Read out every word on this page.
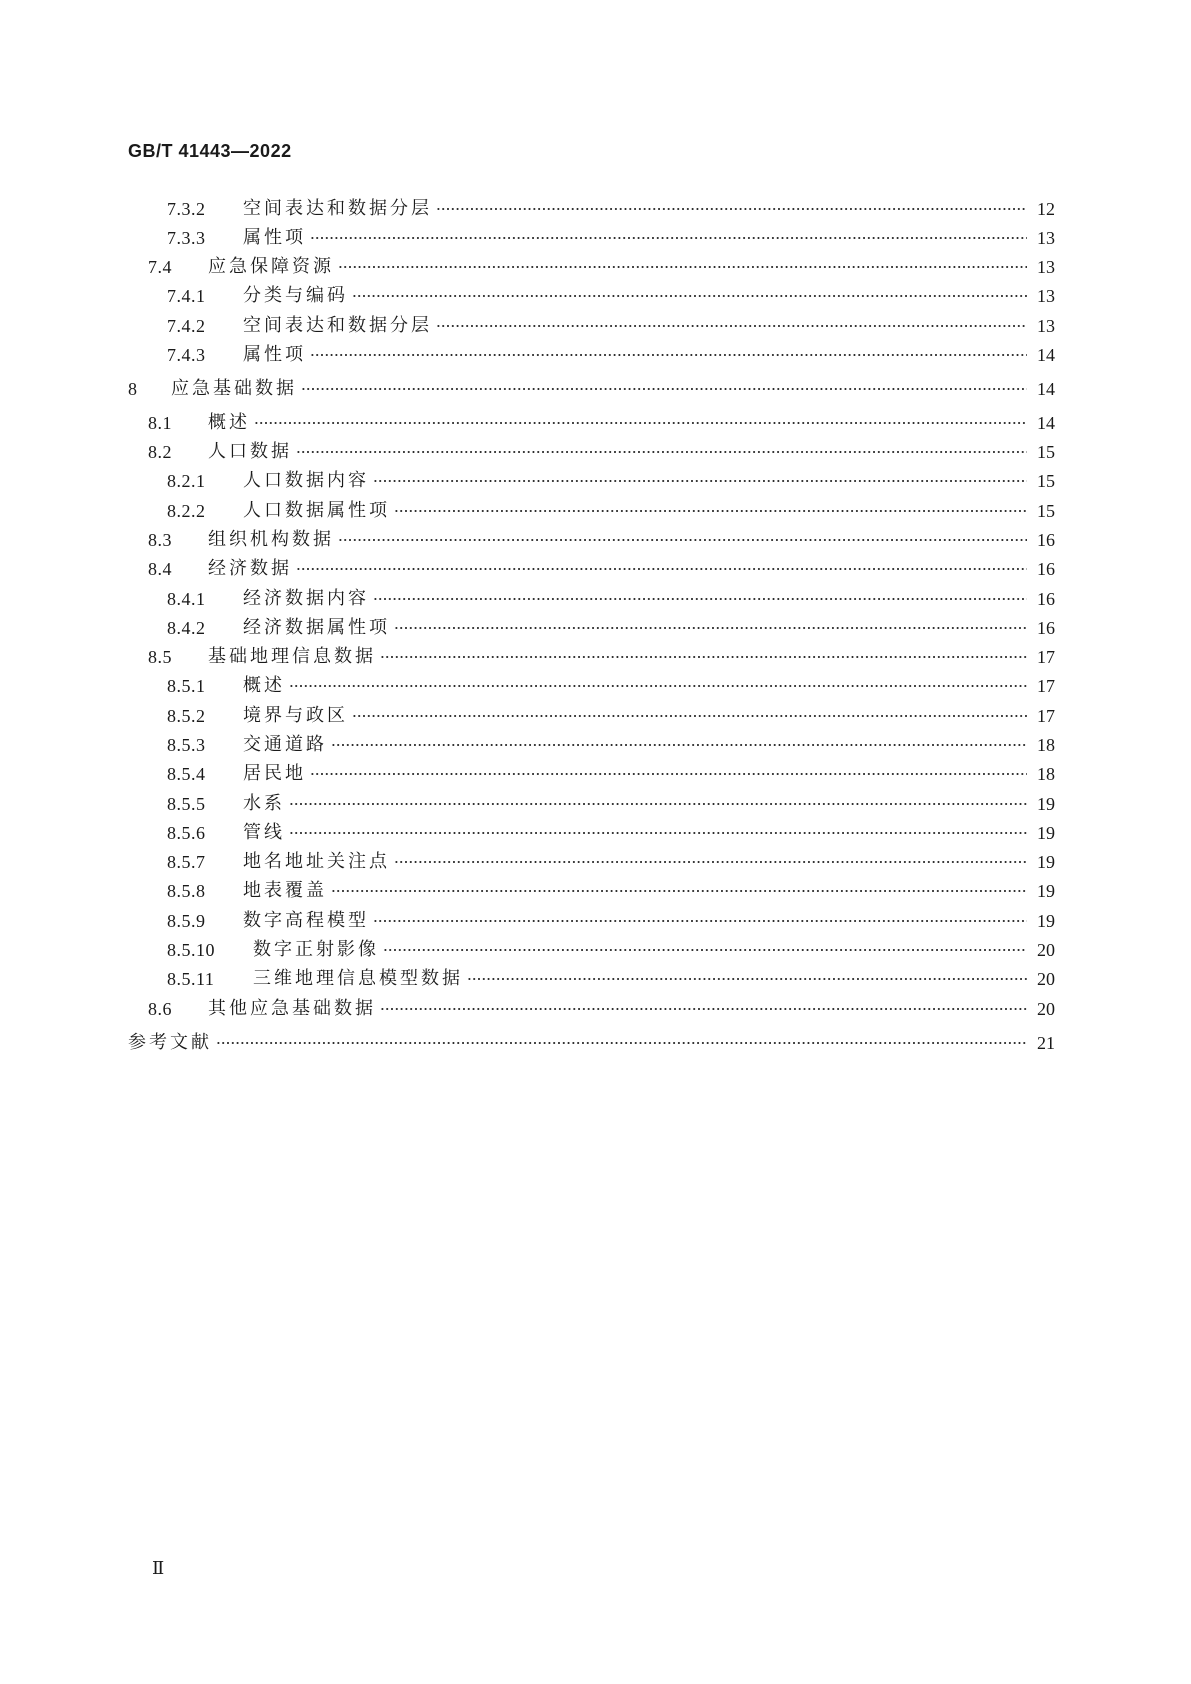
GB/T 41443—2022
7.3.2	空间表达和数据分层	12
7.3.3	属性项	13
7.4	应急保障资源	13
7.4.1	分类与编码	13
7.4.2	空间表达和数据分层	13
7.4.3	属性项	14
8	应急基础数据	14
8.1	概述	14
8.2	人口数据	15
8.2.1	人口数据内容	15
8.2.2	人口数据属性项	15
8.3	组织机构数据	16
8.4	经济数据	16
8.4.1	经济数据内容	16
8.4.2	经济数据属性项	16
8.5	基础地理信息数据	17
8.5.1	概述	17
8.5.2	境界与政区	17
8.5.3	交通道路	18
8.5.4	居民地	18
8.5.5	水系	19
8.5.6	管线	19
8.5.7	地名地址关注点	19
8.5.8	地表覆盖	19
8.5.9	数字高程模型	19
8.5.10	数字正射影像	20
8.5.11	三维地理信息模型数据	20
8.6	其他应急基础数据	20
参考文献	21
Ⅱ
